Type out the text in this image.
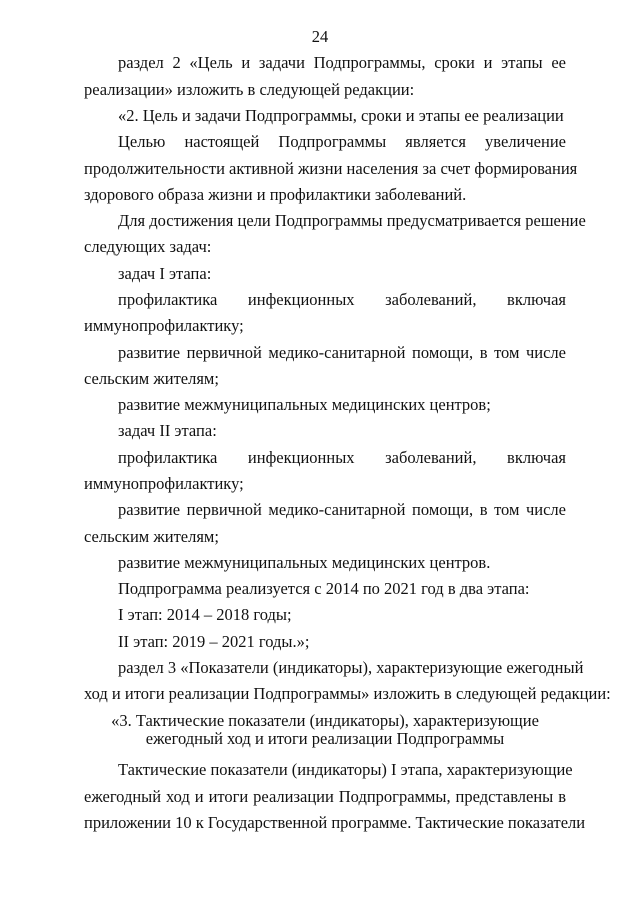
24
раздел 2 «Цель и задачи Подпрограммы, сроки и этапы ее
реализации» изложить в следующей редакции:
«2. Цель и задачи Подпрограммы, сроки и этапы ее реализации
Целью настоящей Подпрограммы является увеличение
продолжительности активной жизни населения за счет формирования
здорового образа жизни и профилактики заболеваний.
Для достижения цели Подпрограммы предусматривается решение
следующих задач:
задач I этапа:
профилактика инфекционных заболеваний, включая
иммунопрофилактику;
развитие первичной медико-санитарной помощи, в том числе
сельским жителям;
развитие межмуниципальных медицинских центров;
задач II этапа:
профилактика инфекционных заболеваний, включая
иммунопрофилактику;
развитие первичной медико-санитарной помощи, в том числе
сельским жителям;
развитие межмуниципальных медицинских центров.
Подпрограмма реализуется с 2014 по 2021 год в два этапа:
I этап: 2014 – 2018 годы;
II этап: 2019 – 2021 годы.»;
раздел 3 «Показатели (индикаторы), характеризующие ежегодный
ход и итоги реализации Подпрограммы» изложить в следующей редакции:
«3. Тактические показатели (индикаторы), характеризующие
ежегодный ход и итоги реализации Подпрограммы
Тактические показатели (индикаторы) I этапа, характеризующие
ежегодный ход и итоги реализации Подпрограммы, представлены в
приложении 10 к Государственной программе. Тактические показатели
